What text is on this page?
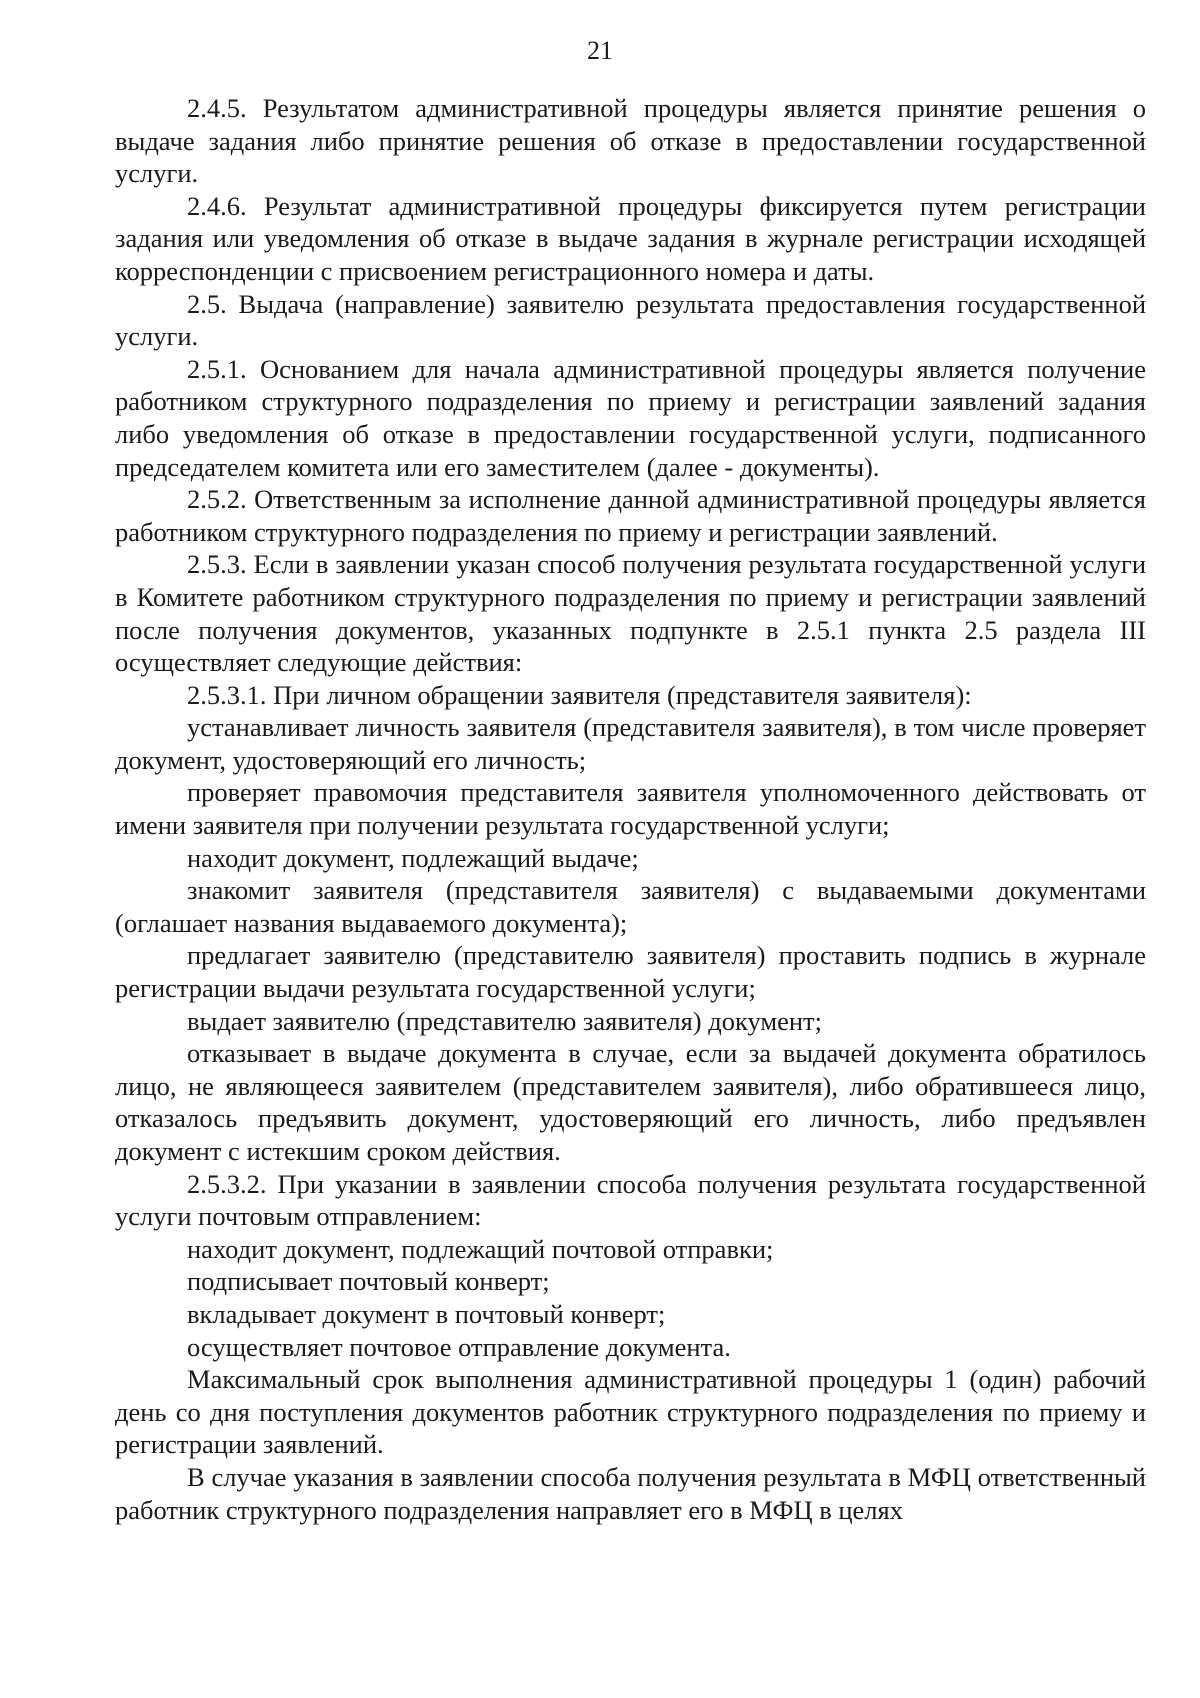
21

2.4.5. Результатом административной процедуры является принятие решения о выдаче задания либо принятие решения об отказе в предоставлении государственной услуги.

2.4.6. Результат административной процедуры фиксируется путем регистрации задания или уведомления об отказе в выдаче задания в журнале регистрации исходящей корреспонденции с присвоением регистрационного номера и даты.

2.5. Выдача (направление) заявителю результата предоставления государственной услуги.

2.5.1. Основанием для начала административной процедуры является получение работником структурного подразделения по приему и регистрации заявлений задания либо уведомления об отказе в предоставлении государственной услуги, подписанного председателем комитета или его заместителем (далее - документы).

2.5.2. Ответственным за исполнение данной административной процедуры является работником структурного подразделения по приему и регистрации заявлений.

2.5.3. Если в заявлении указан способ получения результата государственной услуги в Комитете работником структурного подразделения по приему и регистрации заявлений после получения документов, указанных подпункте в 2.5.1 пункта 2.5 раздела III осуществляет следующие действия:

2.5.3.1. При личном обращении заявителя (представителя заявителя):

устанавливает личность заявителя (представителя заявителя), в том числе проверяет документ, удостоверяющий его личность;

проверяет правомочия представителя заявителя уполномоченного действовать от имени заявителя при получении результата государственной услуги;

находит документ, подлежащий выдаче;

знакомит заявителя (представителя заявителя) с выдаваемыми документами (оглашает названия выдаваемого документа);

предлагает заявителю (представителю заявителя) проставить подпись в журнале регистрации выдачи результата государственной услуги;

выдает заявителю (представителю заявителя) документ;

отказывает в выдаче документа в случае, если за выдачей документа обратилось лицо, не являющееся заявителем (представителем заявителя), либо обратившееся лицо, отказалось предъявить документ, удостоверяющий его личность, либо предъявлен документ с истекшим сроком действия.

2.5.3.2. При указании в заявлении способа получения результата государственной услуги почтовым отправлением:

находит документ, подлежащий почтовой отправки;

подписывает почтовый конверт;

вкладывает документ в почтовый конверт;

осуществляет почтовое отправление документа.

Максимальный срок выполнения административной процедуры 1 (один) рабочий день со дня поступления документов работник структурного подразделения по приему и регистрации заявлений.

В случае указания в заявлении способа получения результата в МФЦ ответственный работник структурного подразделения направляет его в МФЦ в целях
